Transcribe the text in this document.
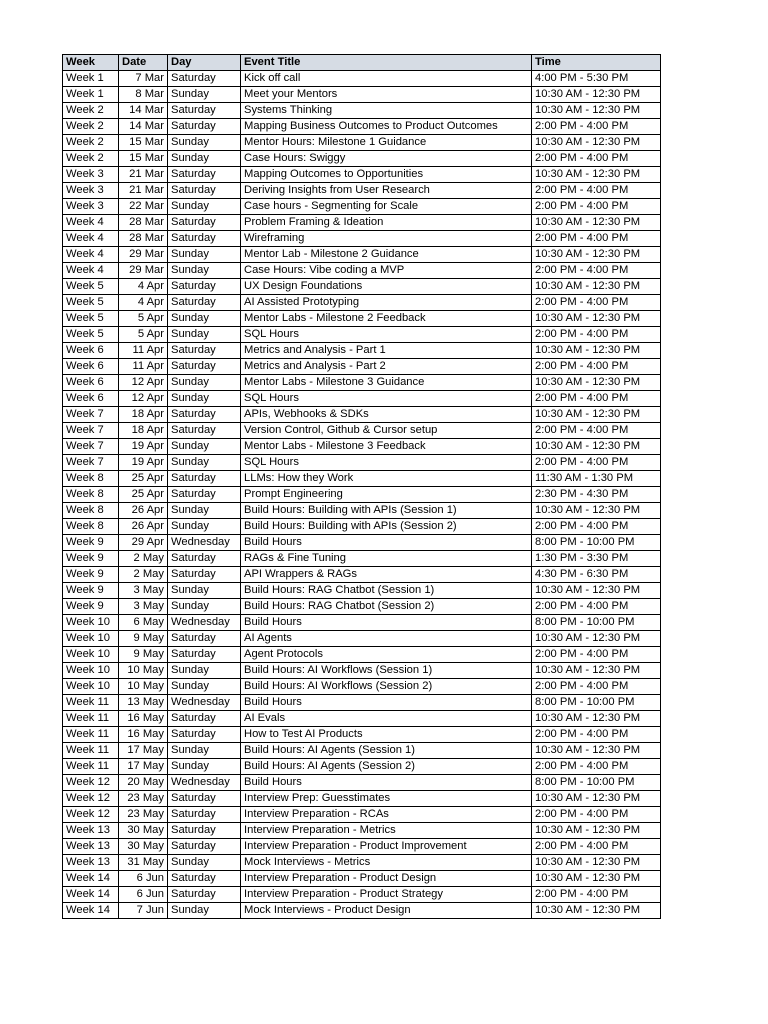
Week	Date	Day	Event Title	Time
Week 1	7 Mar	Saturday	Kick off call	4:00 PM - 5:30 PM
Week 1	8 Mar	Sunday	Meet your Mentors	10:30 AM - 12:30 PM
Week 2	14 Mar	Saturday	Systems Thinking	10:30 AM - 12:30 PM
Week 2	14 Mar	Saturday	Mapping Business Outcomes to Product Outcomes	2:00 PM - 4:00 PM
Week 2	15 Mar	Sunday	Mentor Hours: Milestone 1 Guidance	10:30 AM - 12:30 PM
Week 2	15 Mar	Sunday	Case Hours: Swiggy	2:00 PM - 4:00 PM
Week 3	21 Mar	Saturday	Mapping Outcomes to Opportunities	10:30 AM - 12:30 PM
Week 3	21 Mar	Saturday	Deriving Insights from User Research	2:00 PM - 4:00 PM
Week 3	22 Mar	Sunday	Case hours - Segmenting for Scale	2:00 PM - 4:00 PM
Week 4	28 Mar	Saturday	Problem Framing & Ideation	10:30 AM - 12:30 PM
Week 4	28 Mar	Saturday	Wireframing	2:00 PM - 4:00 PM
Week 4	29 Mar	Sunday	Mentor Lab - Milestone 2 Guidance	10:30 AM - 12:30 PM
Week 4	29 Mar	Sunday	Case Hours: Vibe coding a MVP	2:00 PM - 4:00 PM
Week 5	4 Apr	Saturday	UX Design Foundations	10:30 AM - 12:30 PM
Week 5	4 Apr	Saturday	AI Assisted Prototyping	2:00 PM - 4:00 PM
Week 5	5 Apr	Sunday	Mentor Labs - Milestone 2 Feedback	10:30 AM - 12:30 PM
Week 5	5 Apr	Sunday	SQL Hours	2:00 PM - 4:00 PM
Week 6	11 Apr	Saturday	Metrics and Analysis - Part 1	10:30 AM - 12:30 PM
Week 6	11 Apr	Saturday	Metrics and Analysis - Part 2	2:00 PM - 4:00 PM
Week 6	12 Apr	Sunday	Mentor Labs - Milestone 3 Guidance	10:30 AM - 12:30 PM
Week 6	12 Apr	Sunday	SQL Hours	2:00 PM - 4:00 PM
Week 7	18 Apr	Saturday	APIs, Webhooks & SDKs	10:30 AM - 12:30 PM
Week 7	18 Apr	Saturday	Version Control, Github & Cursor setup	2:00 PM - 4:00 PM
Week 7	19 Apr	Sunday	Mentor Labs - Milestone 3 Feedback	10:30 AM - 12:30 PM
Week 7	19 Apr	Sunday	SQL Hours	2:00 PM - 4:00 PM
Week 8	25 Apr	Saturday	LLMs: How they Work	11:30 AM - 1:30 PM
Week 8	25 Apr	Saturday	Prompt Engineering	2:30 PM - 4:30 PM
Week 8	26 Apr	Sunday	Build Hours: Building with APIs (Session 1)	10:30 AM - 12:30 PM
Week 8	26 Apr	Sunday	Build Hours: Building with APIs (Session 2)	2:00 PM - 4:00 PM
Week 9	29 Apr	Wednesday	Build Hours	8:00 PM - 10:00 PM
Week 9	2 May	Saturday	RAGs & Fine Tuning	1:30 PM - 3:30 PM
Week 9	2 May	Saturday	API Wrappers & RAGs	4:30 PM - 6:30 PM
Week 9	3 May	Sunday	Build Hours: RAG Chatbot (Session 1)	10:30 AM - 12:30 PM
Week 9	3 May	Sunday	Build Hours: RAG Chatbot (Session 2)	2:00 PM - 4:00 PM
Week 10	6 May	Wednesday	Build Hours	8:00 PM - 10:00 PM
Week 10	9 May	Saturday	AI Agents	10:30 AM - 12:30 PM
Week 10	9 May	Saturday	Agent Protocols	2:00 PM - 4:00 PM
Week 10	10 May	Sunday	Build Hours: AI Workflows (Session 1)	10:30 AM - 12:30 PM
Week 10	10 May	Sunday	Build Hours: AI Workflows (Session 2)	2:00 PM - 4:00 PM
Week 11	13 May	Wednesday	Build Hours	8:00 PM - 10:00 PM
Week 11	16 May	Saturday	AI Evals	10:30 AM - 12:30 PM
Week 11	16 May	Saturday	How to Test AI Products	2:00 PM - 4:00 PM
Week 11	17 May	Sunday	Build Hours: AI Agents (Session 1)	10:30 AM - 12:30 PM
Week 11	17 May	Sunday	Build Hours: AI Agents (Session 2)	2:00 PM - 4:00 PM
Week 12	20 May	Wednesday	Build Hours	8:00 PM - 10:00 PM
Week 12	23 May	Saturday	Interview Prep: Guesstimates	10:30 AM - 12:30 PM
Week 12	23 May	Saturday	Interview Preparation - RCAs	2:00 PM - 4:00 PM
Week 13	30 May	Saturday	Interview Preparation - Metrics	10:30 AM - 12:30 PM
Week 13	30 May	Saturday	Interview Preparation - Product Improvement	2:00 PM - 4:00 PM
Week 13	31 May	Sunday	Mock Interviews - Metrics	10:30 AM - 12:30 PM
Week 14	6 Jun	Saturday	Interview Preparation - Product Design	10:30 AM - 12:30 PM
Week 14	6 Jun	Saturday	Interview Preparation - Product Strategy	2:00 PM - 4:00 PM
Week 14	7 Jun	Sunday	Mock Interviews - Product Design	10:30 AM - 12:30 PM
